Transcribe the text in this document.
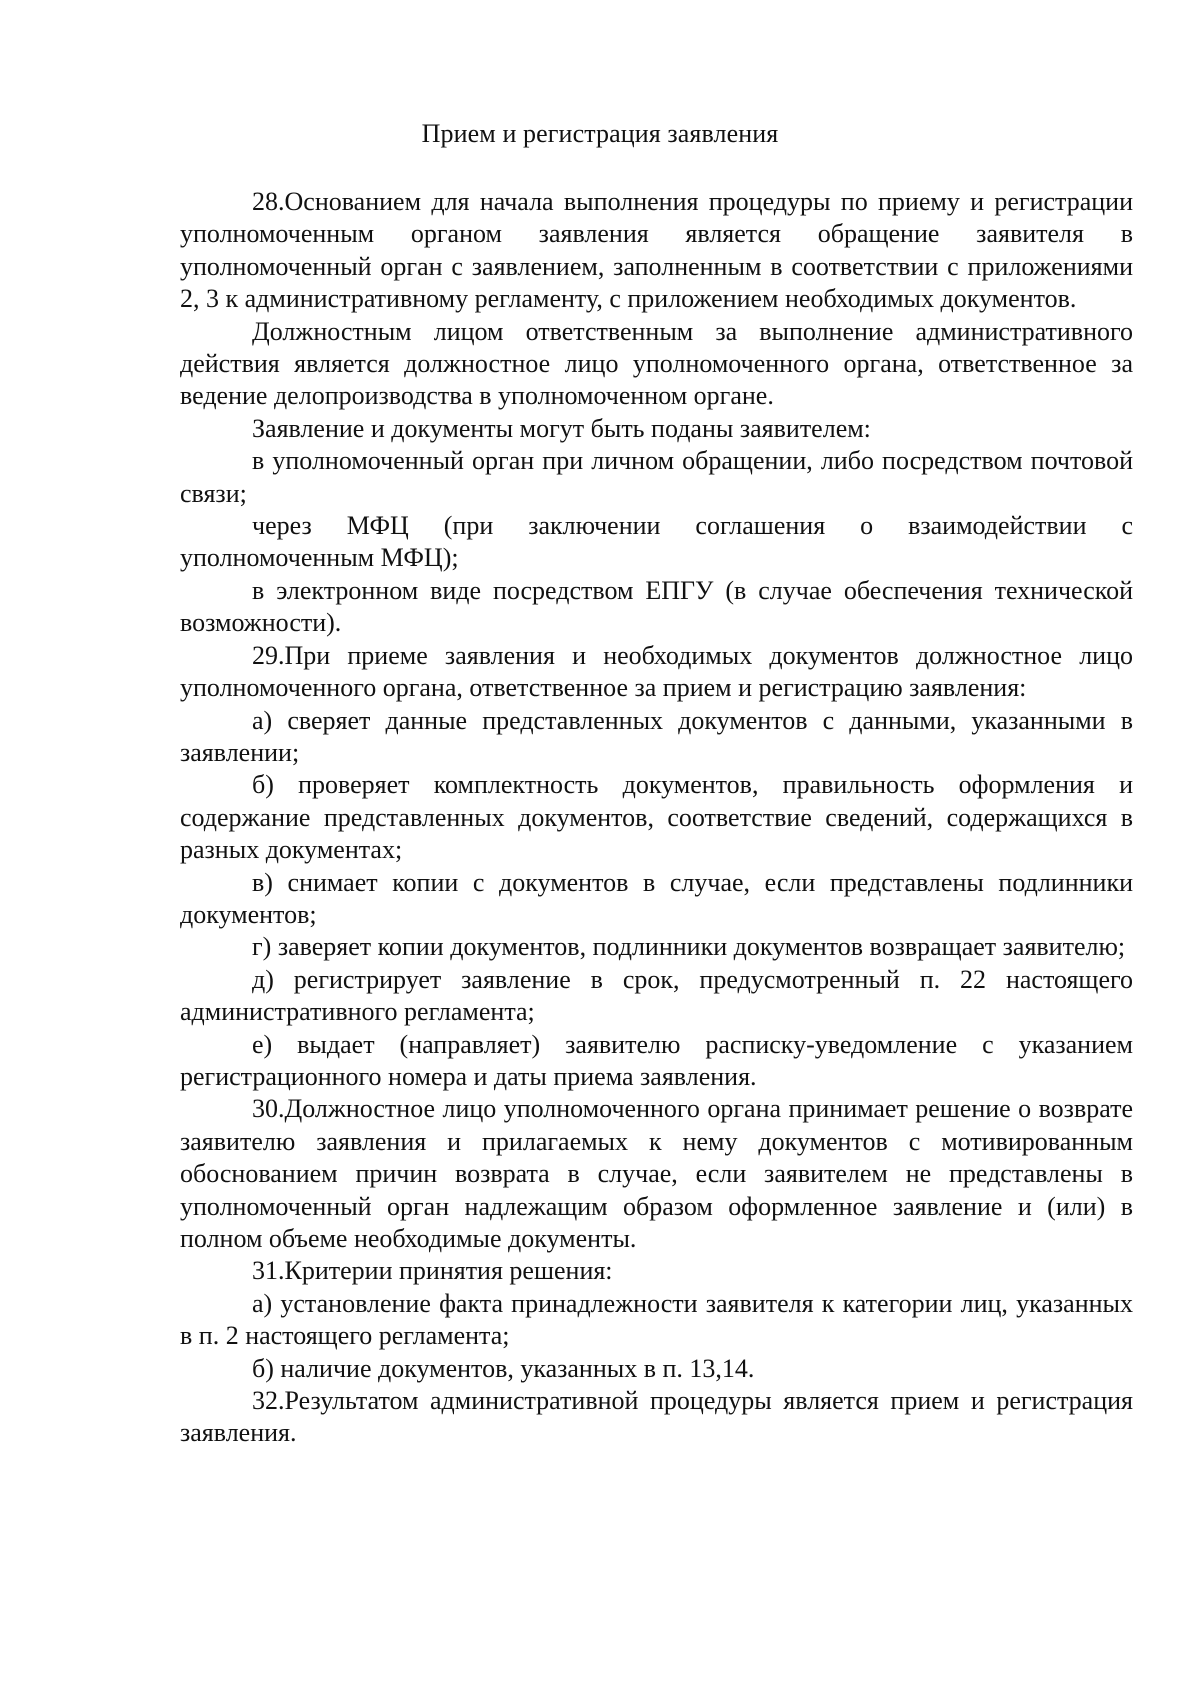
Прием и регистрация заявления

28.Основанием для начала выполнения процедуры по приему и регистрации уполномоченным органом заявления является обращение заявителя в уполномоченный орган с заявлением, заполненным в соответствии с приложениями 2, 3 к административному регламенту, с приложением необходимых документов.

Должностным лицом ответственным за выполнение административного действия является должностное лицо уполномоченного органа, ответственное за ведение делопроизводства в уполномоченном органе.

Заявление и документы могут быть поданы заявителем:

в уполномоченный орган при личном обращении, либо посредством почтовой связи;

через МФЦ (при заключении соглашения о взаимодействии с уполномоченным МФЦ);

в электронном виде посредством ЕПГУ (в случае обеспечения технической возможности).

29.При приеме заявления и необходимых документов должностное лицо уполномоченного органа, ответственное за прием и регистрацию заявления:

а) сверяет данные представленных документов с данными, указанными в заявлении;

б) проверяет комплектность документов, правильность оформления и содержание представленных документов, соответствие сведений, содержащихся в разных документах;

в) снимает копии с документов в случае, если представлены подлинники документов;

г) заверяет копии документов, подлинники документов возвращает заявителю;

д) регистрирует заявление в срок, предусмотренный п. 22 настоящего административного регламента;

е) выдает (направляет) заявителю расписку-уведомление с указанием регистрационного номера и даты приема заявления.

30.Должностное лицо уполномоченного органа принимает решение о возврате заявителю заявления и прилагаемых к нему документов с мотивированным обоснованием причин возврата в случае, если заявителем не представлены в уполномоченный орган надлежащим образом оформленное заявление и (или) в полном объеме необходимые документы.

31.Критерии принятия решения:

а) установление факта принадлежности заявителя к категории лиц, указанных в п. 2 настоящего регламента;

б) наличие документов, указанных в п. 13,14.

32.Результатом административной процедуры является прием и регистрация заявления.
